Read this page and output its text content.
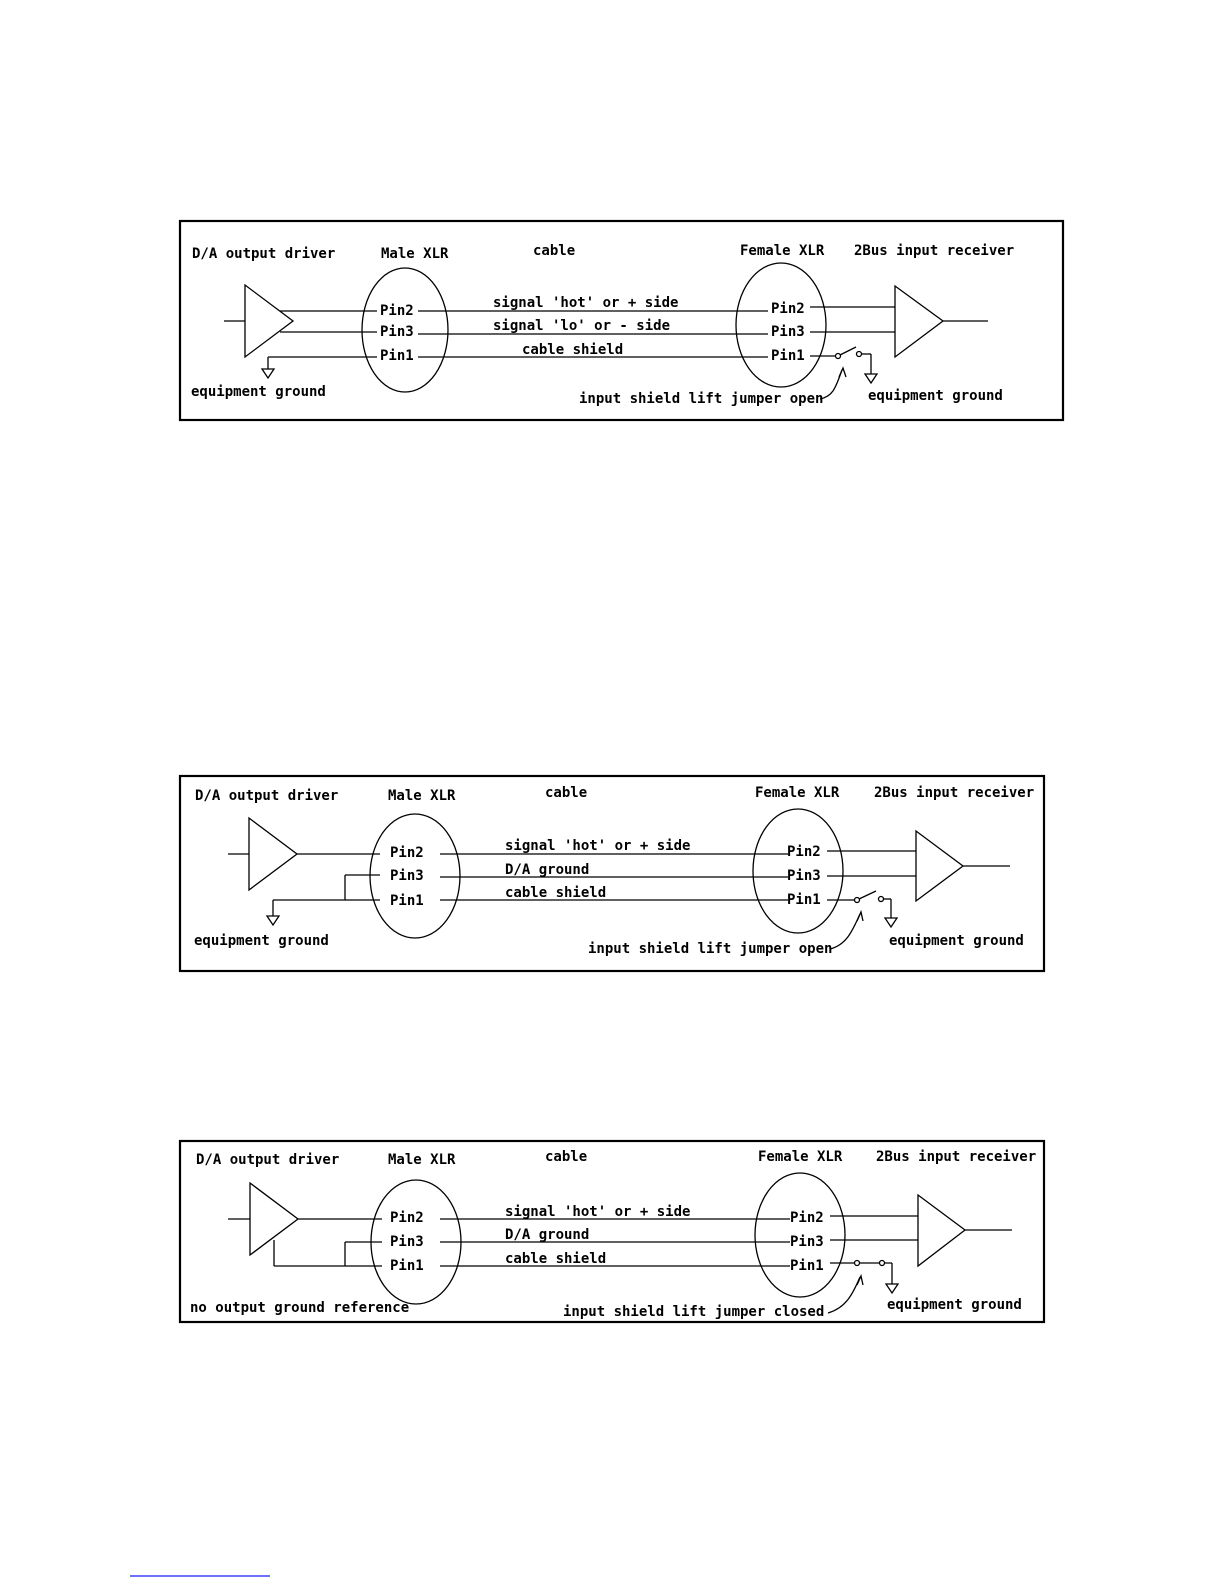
D/A output driver	Male XLR	cable	Female XLR 2Bus input receiver
equipment ground
Pin2
Pin3
Pin1
signal 'hot' or + side
signal 'lo' or - side
cable shield
Pin2
Pin3
Pin1
equipment ground
input shield lift jumper open
D/A output driver	Male XLR	cable	Female XLR 2Bus input receiver
equipment ground
Pin2
Pin3
Pin1
signal 'hot' or + side
D/A ground
cable shield
Pin2
Pin3
Pin1
equipment ground
input shield lift jumper open
D/A output driver	Male XLR	cable	Female XLR 2Bus input receiver
no output ground reference
Pin2
Pin3
Pin1
signal 'hot' or + side
D/A ground
cable shield
Pin2
Pin3
Pin1
equipment ground
input shield lift jumper closed
